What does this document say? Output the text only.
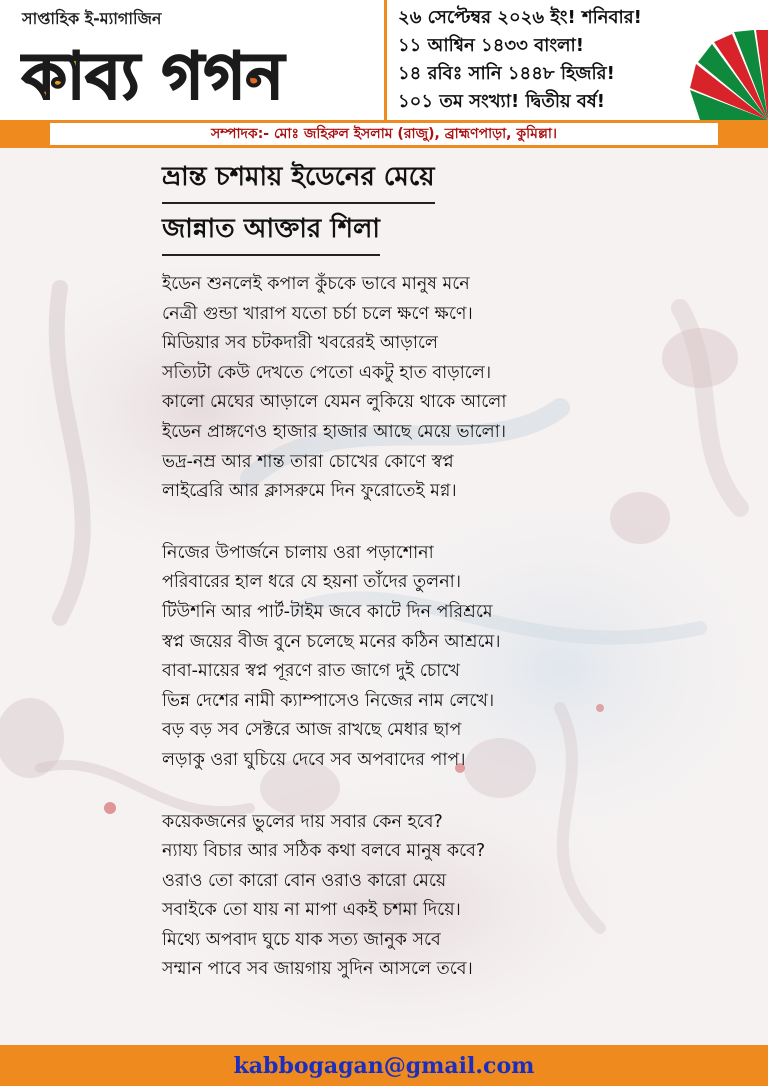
সাপ্তাহিক ই-ম্যাগাজিন
কাব্য গগন
২৬ সেপ্টেম্বর ২০২৬ ইং! শনিবার!
১১ আশ্বিন ১৪৩৩ বাংলা!
১৪ রবিঃ সানি ১৪৪৮ হিজরি!
১০১ তম সংখ্যা! দ্বিতীয় বর্ষ!
সম্পাদক:- মোঃ জহিরুল ইসলাম (রাজু), ব্রাহ্মণপাড়া, কুমিল্লা।
ভ্রান্ত চশমায় ইডেনের মেয়ে
জান্নাত আক্তার শিলা
ইডেন শুনলেই কপাল কুঁচকে ভাবে মানুষ মনে
নেত্রী গুন্ডা খারাপ যতো চর্চা চলে ক্ষণে ক্ষণে।
মিডিয়ার সব চটকদারী খবরেরই আড়ালে
সত্যিটা কেউ দেখতে পেতো একটু হাত বাড়ালে।
কালো মেঘের আড়ালে যেমন লুকিয়ে থাকে আলো
ইডেন প্রাঙ্গণেও হাজার হাজার আছে মেয়ে ভালো।
ভদ্র-নম্র আর শান্ত তারা চোখের কোণে স্বপ্ন
লাইব্রেরি আর ক্লাসরুমে দিন ফুরোতেই মগ্ন।
নিজের উপার্জনে চালায় ওরা পড়াশোনা
পরিবারের হাল ধরে যে হয়না তাঁদের তুলনা।
টিউশনি আর পার্ট-টাইম জবে কাটে দিন পরিশ্রমে
স্বপ্ন জয়ের বীজ বুনে চলেছে মনের কঠিন আশ্রমে।
বাবা-মায়ের স্বপ্ন পূরণে রাত জাগে দুই চোখে
ভিন্ন দেশের নামী ক্যাম্পাসেও নিজের নাম লেখে।
বড় বড় সব সেক্টরে আজ রাখছে মেধার ছাপ
লড়াকু ওরা ঘুচিয়ে দেবে সব অপবাদের পাপ।
কয়েকজনের ভুলের দায় সবার কেন হবে?
ন্যায্য বিচার আর সঠিক কথা বলবে মানুষ কবে?
ওরাও তো কারো বোন ওরাও কারো মেয়ে
সবাইকে তো যায় না মাপা একই চশমা দিয়ে।
মিথ্যে অপবাদ ঘুচে যাক সত্য জানুক সবে
সম্মান পাবে সব জায়গায় সুদিন আসলে তবে।
kabbogagan@gmail.com
